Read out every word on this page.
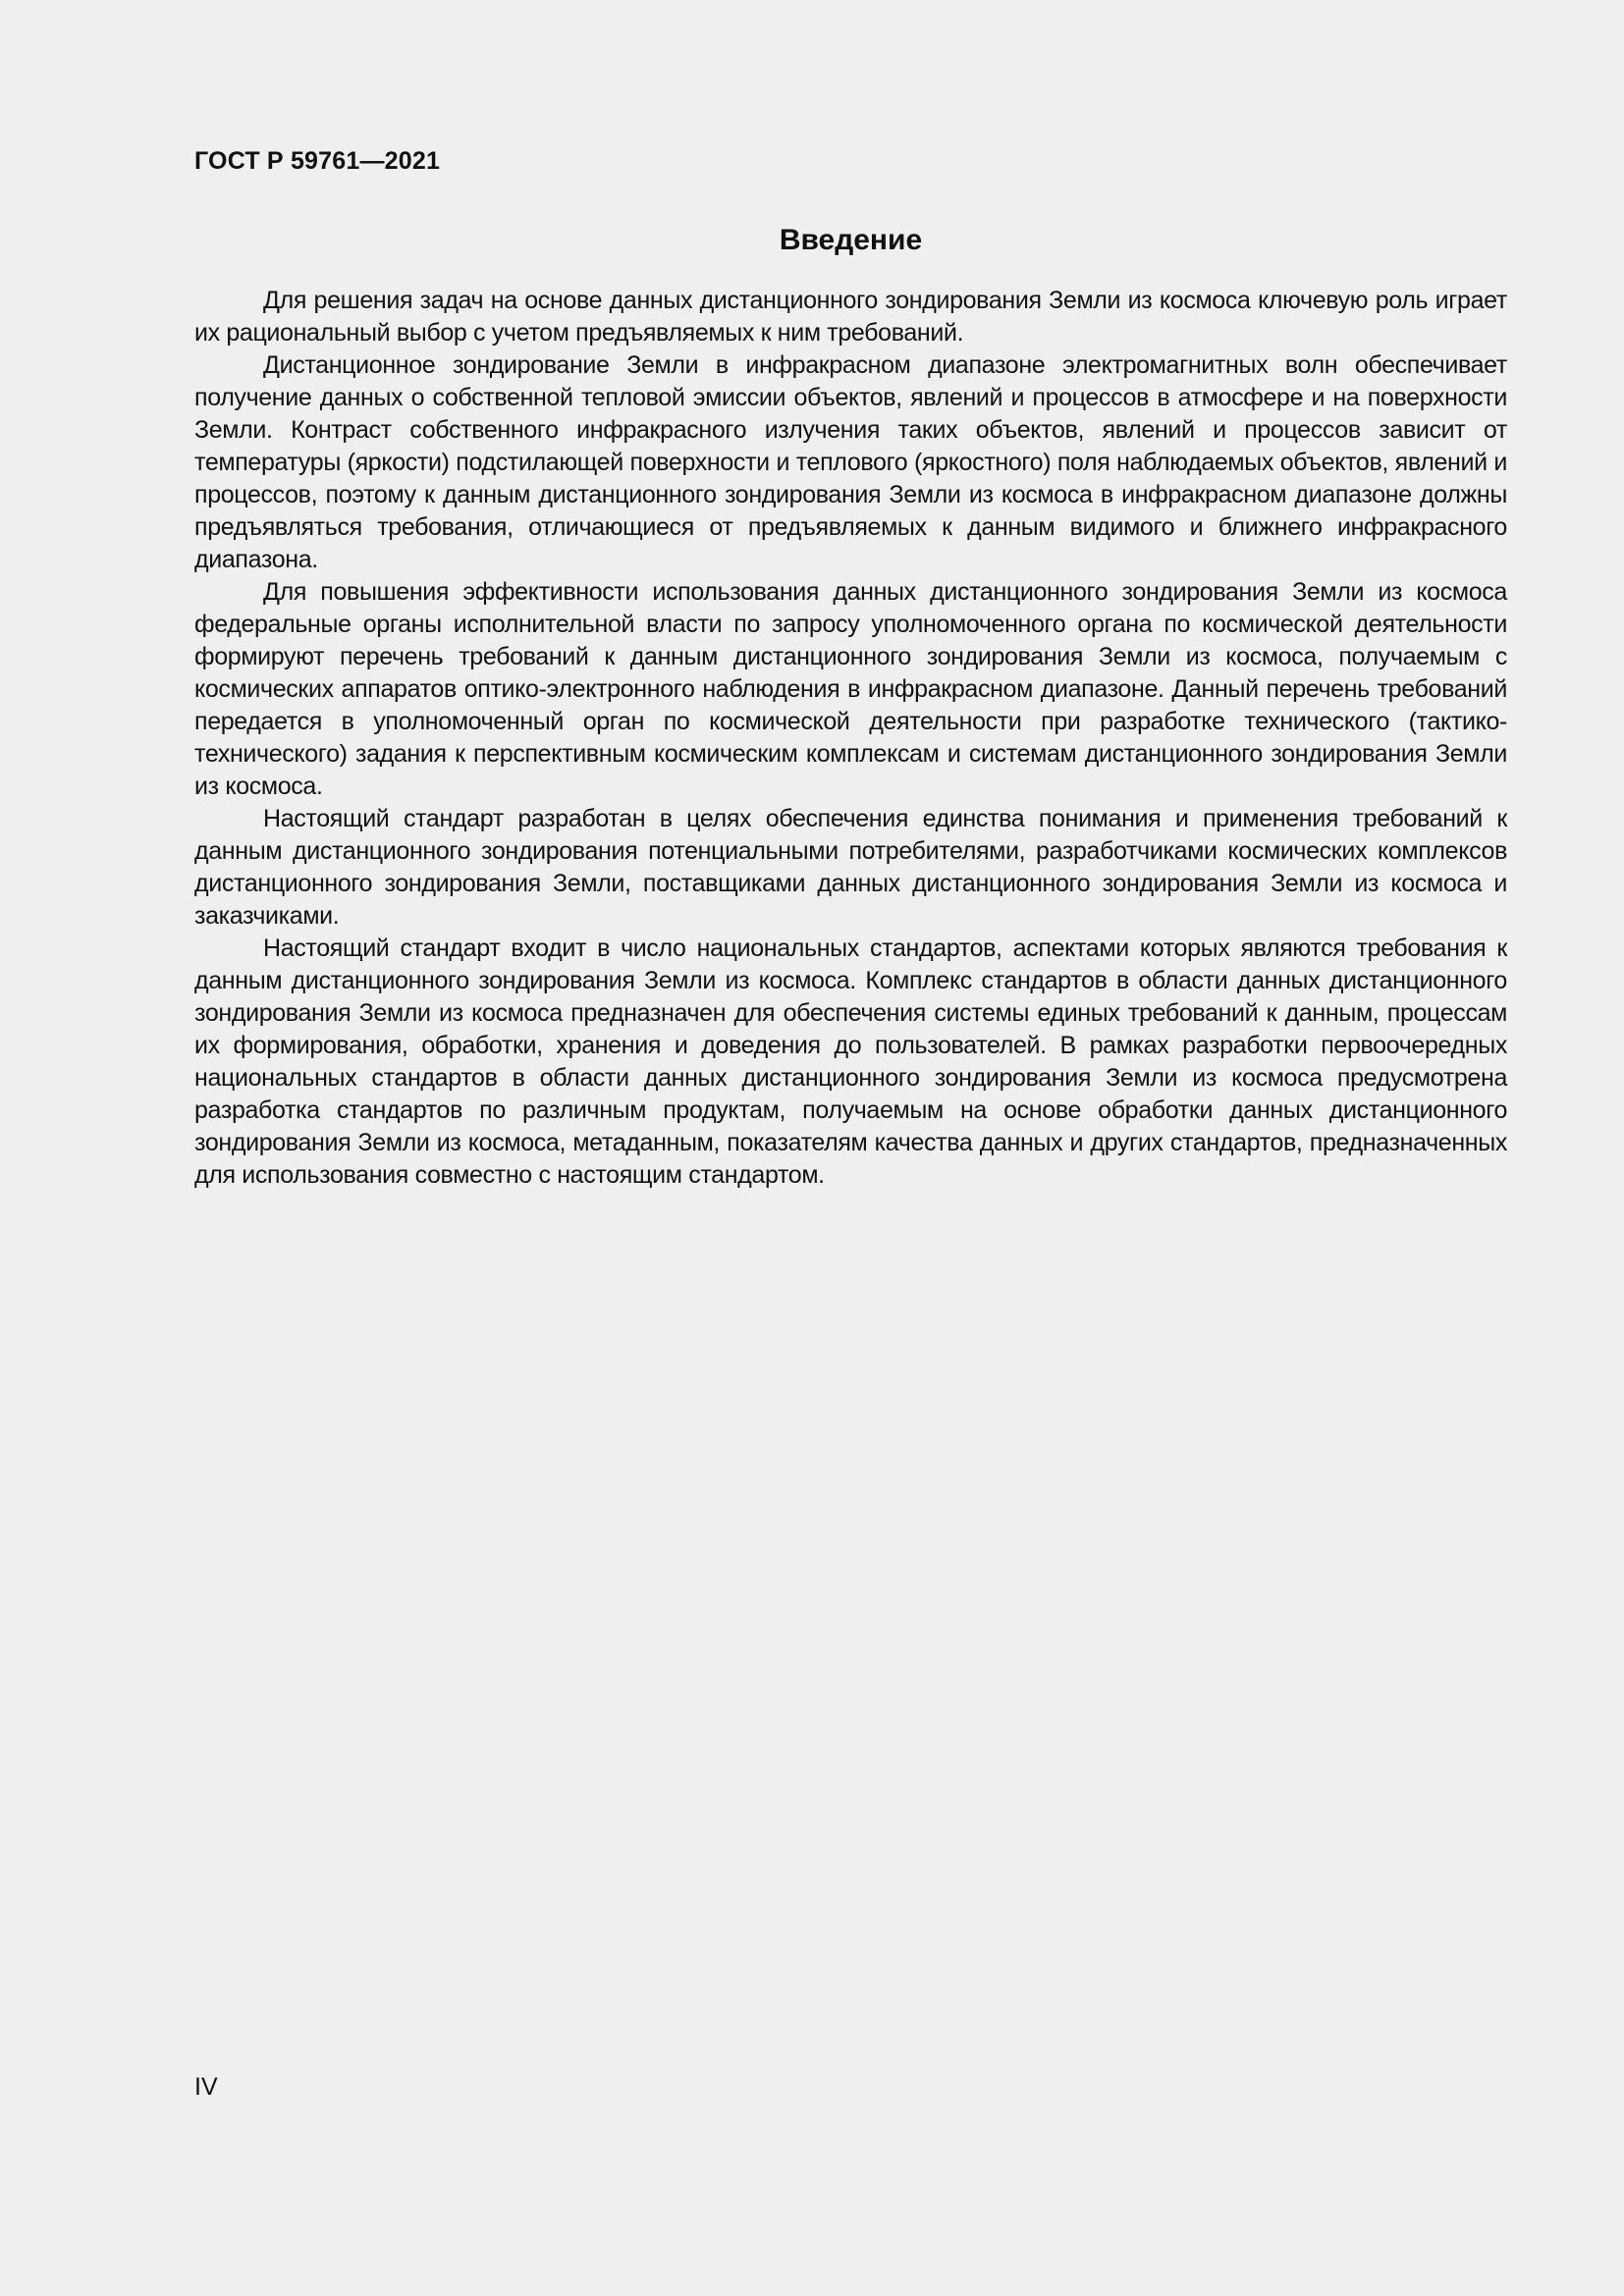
ГОСТ Р 59761—2021
Введение

Для решения задач на основе данных дистанционного зондирования Земли из космоса ключевую роль играет их рациональный выбор с учетом предъявляемых к ним требований.

Дистанционное зондирование Земли в инфракрасном диапазоне электромагнитных волн обеспечивает получение данных о собственной тепловой эмиссии объектов, явлений и процессов в атмосфере и на поверхности Земли. Контраст собственного инфракрасного излучения таких объектов, явлений и процессов зависит от температуры (яркости) подстилающей поверхности и теплового (яркостного) поля наблюдаемых объектов, явлений и процессов, поэтому к данным дистанционного зондирования Земли из космоса в инфракрасном диапазоне должны предъявляться требования, отличающиеся от предъявляемых к данным видимого и ближнего инфракрасного диапазона.

Для повышения эффективности использования данных дистанционного зондирования Земли из космоса федеральные органы исполнительной власти по запросу уполномоченного органа по космической деятельности формируют перечень требований к данным дистанционного зондирования Земли из космоса, получаемым с космических аппаратов оптико-электронного наблюдения в инфракрасном диапазоне. Данный перечень требований передается в уполномоченный орган по космической деятельности при разработке технического (тактико-технического) задания к перспективным космическим комплексам и системам дистанционного зондирования Земли из космоса.

Настоящий стандарт разработан в целях обеспечения единства понимания и применения требований к данным дистанционного зондирования потенциальными потребителями, разработчиками космических комплексов дистанционного зондирования Земли, поставщиками данных дистанционного зондирования Земли из космоса и заказчиками.

Настоящий стандарт входит в число национальных стандартов, аспектами которых являются требования к данным дистанционного зондирования Земли из космоса. Комплекс стандартов в области данных дистанционного зондирования Земли из космоса предназначен для обеспечения системы единых требований к данным, процессам их формирования, обработки, хранения и доведения до пользователей. В рамках разработки первоочередных национальных стандартов в области данных дистанционного зондирования Земли из космоса предусмотрена разработка стандартов по различным продуктам, получаемым на основе обработки данных дистанционного зондирования Земли из космоса, метаданным, показателям качества данных и других стандартов, предназначенных для использования совместно с настоящим стандартом.

IV
